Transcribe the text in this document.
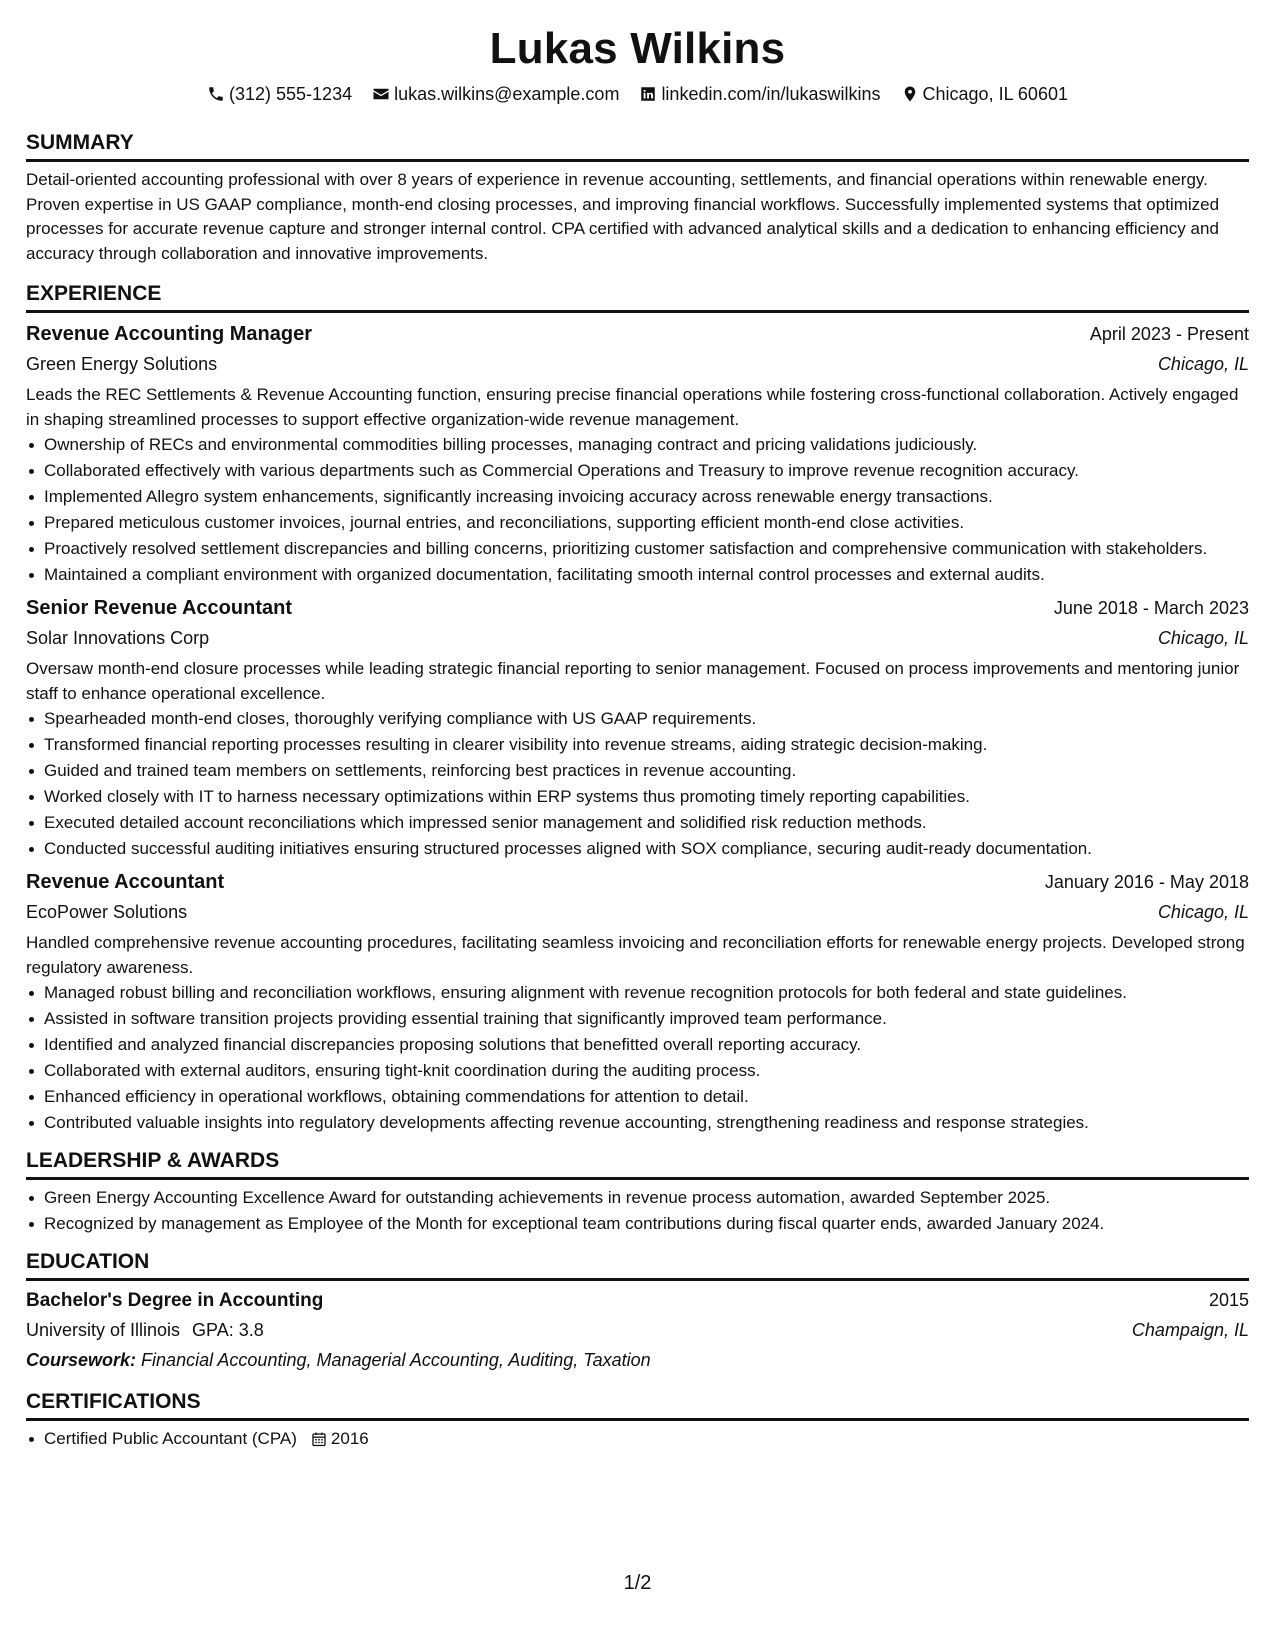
Lukas Wilkins
(312) 555-1234 lukas.wilkins@example.com linkedin.com/in/lukaswilkins Chicago, IL 60601
SUMMARY

Detail-oriented accounting professional with over 8 years of experience in revenue accounting, settlements, and financial operations within renewable energy. Proven expertise in US GAAP compliance, month-end closing processes, and improving financial workflows. Successfully implemented systems that optimized processes for accurate revenue capture and stronger internal control. CPA certified with advanced analytical skills and a dedication to enhancing efficiency and accuracy through collaboration and innovative improvements.

EXPERIENCE
Revenue Accounting Manager	April 2023 - Present
Green Energy Solutions	Chicago, IL

Leads the REC Settlements & Revenue Accounting function, ensuring precise financial operations while fostering cross-functional collaboration. Actively engaged in shaping streamlined processes to support effective organization-wide revenue management.

Ownership of RECs and environmental commodities billing processes, managing contract and pricing validations judiciously.
Collaborated effectively with various departments such as Commercial Operations and Treasury to improve revenue recognition accuracy.
Implemented Allegro system enhancements, significantly increasing invoicing accuracy across renewable energy transactions.
Prepared meticulous customer invoices, journal entries, and reconciliations, supporting efficient month-end close activities.
Proactively resolved settlement discrepancies and billing concerns, prioritizing customer satisfaction and comprehensive communication with stakeholders.
Maintained a compliant environment with organized documentation, facilitating smooth internal control processes and external audits.
Senior Revenue Accountant	June 2018 - March 2023
Solar Innovations Corp	Chicago, IL

Oversaw month-end closure processes while leading strategic financial reporting to senior management. Focused on process improvements and mentoring junior staff to enhance operational excellence.

Spearheaded month-end closes, thoroughly verifying compliance with US GAAP requirements.
Transformed financial reporting processes resulting in clearer visibility into revenue streams, aiding strategic decision-making.
Guided and trained team members on settlements, reinforcing best practices in revenue accounting.
Worked closely with IT to harness necessary optimizations within ERP systems thus promoting timely reporting capabilities.
Executed detailed account reconciliations which impressed senior management and solidified risk reduction methods.
Conducted successful auditing initiatives ensuring structured processes aligned with SOX compliance, securing audit-ready documentation.
Revenue Accountant	January 2016 - May 2018
EcoPower Solutions	Chicago, IL

Handled comprehensive revenue accounting procedures, facilitating seamless invoicing and reconciliation efforts for renewable energy projects. Developed strong regulatory awareness.

Managed robust billing and reconciliation workflows, ensuring alignment with revenue recognition protocols for both federal and state guidelines.
Assisted in software transition projects providing essential training that significantly improved team performance.
Identified and analyzed financial discrepancies proposing solutions that benefitted overall reporting accuracy.
Collaborated with external auditors, ensuring tight-knit coordination during the auditing process.
Enhanced efficiency in operational workflows, obtaining commendations for attention to detail.
Contributed valuable insights into regulatory developments affecting revenue accounting, strengthening readiness and response strategies.
LEADERSHIP & AWARDS
Green Energy Accounting Excellence Award for outstanding achievements in revenue process automation, awarded September 2025.
Recognized by management as Employee of the Month for exceptional team contributions during fiscal quarter ends, awarded January 2024.
EDUCATION
Bachelor's Degree in Accounting	2015
University of Illinois GPA: 3.8	Champaign, IL
Coursework: Financial Accounting, Managerial Accounting, Auditing, Taxation
CERTIFICATIONS
Certified Public Accountant (CPA) 2016
1/2
